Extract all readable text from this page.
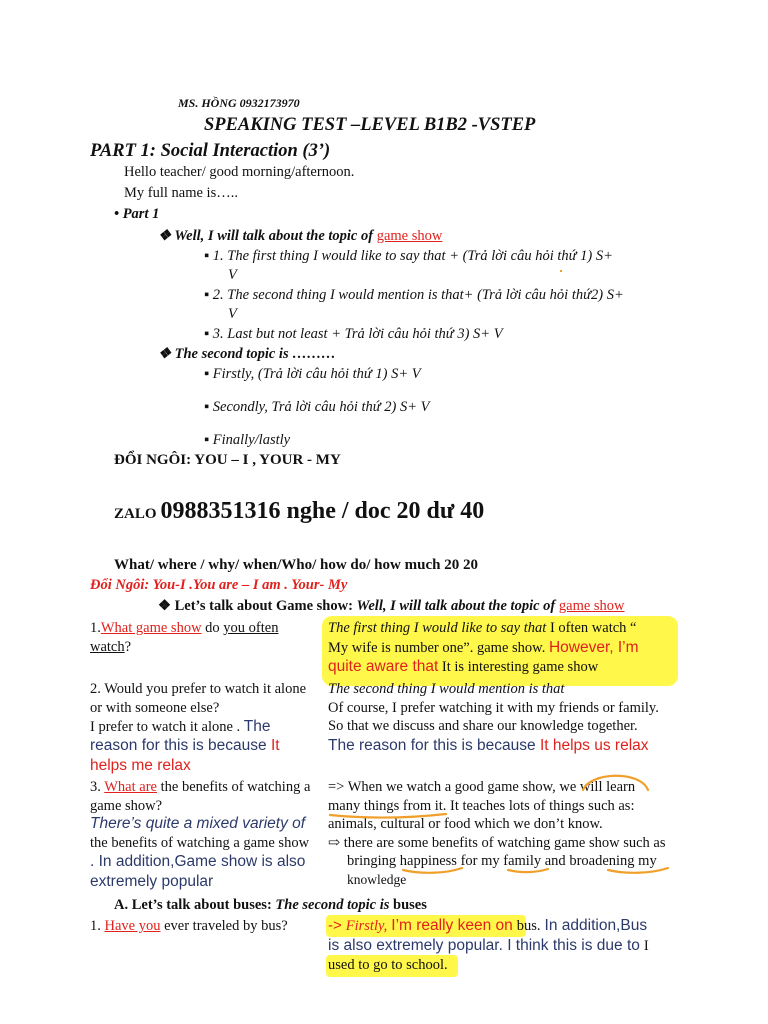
MS. HỒNG 0932173970
SPEAKING TEST –LEVEL B1B2 -VSTEP
PART 1: Social Interaction (3’)
Hello teacher/ good morning/afternoon.
My full name is…..
• Part 1
❖ Well, I will talk about the topic of game show
▪ 1. The first thing I would like to say that + (Trả lời câu hỏi thứ 1) S+
V
▪ 2. The second thing I would mention is that+ (Trả lời câu hỏi thứ2) S+
V
▪ 3. Last but not least + Trả lời câu hỏi thứ 3) S+ V
❖ The second topic is ………
▪ Firstly, (Trả lời câu hỏi thứ 1) S+ V
▪ Secondly, Trả lời câu hỏi thứ 2) S+ V
▪ Finally/lastly
ĐỔI NGÔI: YOU – I , YOUR - MY
ZALO 0988351316 nghe / doc 20 dư 40
What/ where / why/ when/Who/ how do/ how much 20 20
Đổi Ngôi: You-I .You are – I am . Your- My
❖ Let’s talk about Game show: Well, I will talk about the topic of game show
1.What game show do you often
watch?
The first thing I would like to say that I often watch “
My wife is number one”. game show. However, I’m
quite aware that It is interesting game show
2. Would you prefer to watch it alone
or with someone else?
I prefer to watch it alone . The
reason for this is because It
helps me relax
The second thing I would mention is that
Of course, I prefer watching it with my friends or family.
So that we discuss and share our knowledge together.
The reason for this is because It helps us relax
3. What are the benefits of watching a
game show?
There’s quite a mixed variety of
the benefits of watching a game show
. In addition,Game show is also
extremely popular
=> When we watch a good game show, we will learn
many things from it. It teaches lots of things such as:
animals, cultural or food which we don’t know.
⇨ there are some benefits of watching game show such as
bringing happiness for my family and broadening my
knowledge
A. Let’s talk about buses: The second topic is buses
1. Have you ever traveled by bus?	-> Firstly, I’m really keen on bus. In addition,Bus
is also extremely popular. I think this is due to I
used to go to school.
